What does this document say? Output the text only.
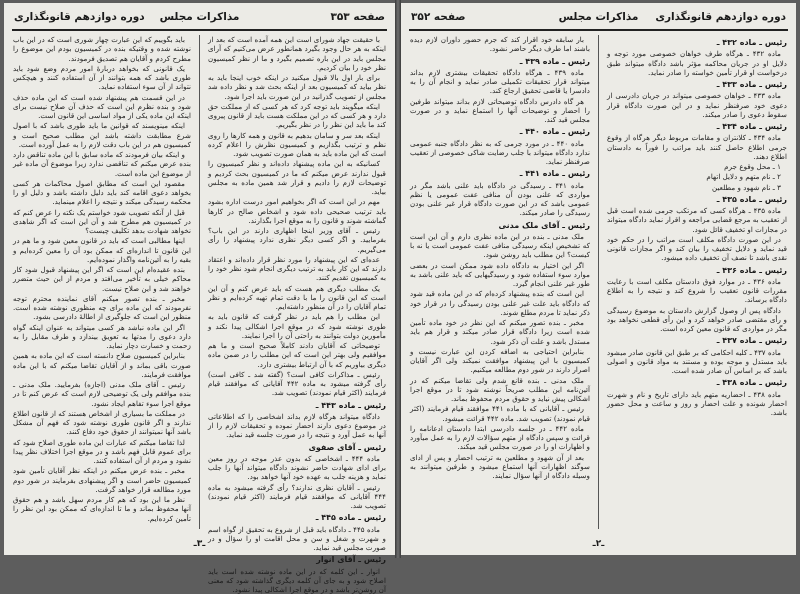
صفحه ۳۵۳
مذاکرات مجلس
دوره دوازدهم قانونگذاری

با حقیقت جهاد شورای است این همه آمده است که بعد از اینکه به هر حال وجود بگیرد همانطور عرض می‌کنیم که آرای مجلس باید در این باره تصمیم بگیرد و ما از نظر کمیسیون نظر خود را بیان کردیم.

برای بار اول بالا قبول میکنید در اینکه خوب اینجا باید به نظر بیاید که کمیسیون بعد از اینکه بحث شد و نظر داده شد مجلس از تصویب گذرانید در این صورت باید اجرا شود.

اینکه میگویند باید توجه کرد که هر کسی که از مملکت حق دارد و هر کسی که در این مملکت هست باید از قانون پیروی کند ما باید این نظر را در نظر بگیریم.

اینکه بعد سر و سامان بدهیم به قانون و همه کارها را روی نظم و ترتیب بگذاریم و کمیسیون نظرش را اعلام کرده است که این ماده باید به همان صورت تصویب شود.

کسانیکه به این ماده پیشنهاد داده‌اند و نظر کمیسیون را قبول ندارند عرض میکنم که ما در کمیسیون بحث کردیم و توضیحات لازم را دادیم و قرار شد همین ماده به مجلس بیاید.

مهم در این است که اگر بخواهیم امور درست اداره بشود باید ترتیب صحیحی داده شود و اشخاص صالح در کارها گماشته شوند و قانون را به موقع اجرا بگذارند.

رئیس ـ آقای وزیر اینجا اظهاری دارند در این باب؟ بفرمایید. و اگر کسی دیگر نظری ندارد پیشنهاد را رأی می‌گیریم.

عده‌ای که این پیشنهاد را مورد نظر قرار داده‌اند و اعتقاد دارند که این کار باید به ترتیب دیگری انجام شود نظر خود را به کمیسیون تقدیم کنند.

یک مطلب دیگری هم هست که باید عرض کنم و آن این است که این قانون را ما با دقت تمام تهیه کرده‌ایم و نظر تمام آقایان را در آن منظور داشته‌ایم.

این مطلب را هم باید در نظر گرفت که قانون باید به طوری نوشته شود که در موقع اجرا اشکالی پیدا نکند و مأمورین دولت بتوانند به راحتی آن را اجرا نمایند.

توضیحاتی که آقایان دادند کاملاً صحیح است و ما هم موافقیم ولی بهتر این است که این مطلب را در ضمن ماده دیگری بیاوریم که با آن ارتباط بیشتری دارد.

رئیس ـ مذاکرات کافی است؟ (گفته شد ـ کافی است) رأی گرفته میشود به ماده ۴۴۲ آقایانی که موافقند قیام فرمایند (اکثر قیام نمودند) تصویب شد.

رئیس ـ ماده ۴۴۳ ـ

دادگاه میتواند هرگاه لازم بداند اشخاصی را که اطلاعاتی در موضوع دعوی دارند احضار نموده و تحقیقات لازم را از آنها به عمل آورد و نتیجه را در صورت جلسه قید نماید.

رئیس ـ آقای صفوی

ماده ۴۴۴ ـ اشخاصی که بدون عذر موجه در روز معین برای ادای شهادت حاضر نشوند دادگاه میتواند آنها را جلب نماید و هزینه جلب به عهده خود آنها خواهد بود.

رئیس ـ آقایان نظری ندارند؟ رأی گرفته میشود به ماده ۴۴۴ آقایانی که موافقند قیام فرمایند (اکثر قیام نمودند) تصویب شد.

رئیس ـ ماده ۴۴۵ ـ

ماده ۴۴۵ ـ دادگاه باید قبل از شروع به تحقیق از گواه اسم و شهرت و شغل و سن و محل اقامت او را سؤال و در صورت مجلس قید نماید.

رئیس ـ آقای انوار

انوار ـ این کلمه که در این ماده نوشته شده است باید اصلاح شود و به جای آن کلمه دیگری گذاشته شود که معنی آن روشن‌تر باشد و در موقع اجرا اشکالی پیدا نشود.

باید بگوییم که این عبارت چهار شوری است که در این باب نوشته شده و وقتیکه بنده در کمیسیون بودم این موضوع را مطرح کردم و آقایان هم تصدیق فرمودند.

یک قانونی که بخواهد دربارهٔ امور مردم وضع شود باید طوری باشد که همه بتوانند از آن استفاده کنند و هیچکس نتواند از آن سوء استفاده نماید.

در این قسمت هم پیشنهاد شده است که این ماده حذف شود و بنده نظرم این است که حذف آن صلاح نیست برای اینکه این ماده یکی از مواد اساسی این قانون است.

اینکه مینویسند که قوانین ما باید طوری باشد که با اصول شرع مطابقت داشته باشد این مطلب صحیح است و کمیسیون هم در این باب دقت لازم را به عمل آورده است.

و اینکه بیان فرمودند که ماده سابق با این ماده تناقض دارد بنده عرض میکنم که تناقضی ندارد زیرا موضوع آن ماده غیر از موضوع این ماده است.

مقصود این است که مطابق اصول محاکمات هر کسی بخواهد دعوی اقامه کند باید دلیل داشته باشد و دلیل او را محکمه رسیدگی میکند و نتیجه را اعلام مینماید.

قبل از آنکه تصویب شود خواستم یک نکته را عرض کنم که در کمیسیون هم مطرح شد و آن این است که اگر شاهدی نخواهد شهادت بدهد تکلیف چیست؟

اینها مطالبی است که باید در قانون معین شود و ما هم در این قانون تا اندازه‌ای که ممکن بود آن را معین کرده‌ایم و بقیه را به آئین‌نامه واگذار نموده‌ایم.

بنده عقیده‌ام این است که اگر این پیشنهاد قبول شود کار محاکم خیلی به تأخیر می‌افتد و مردم از این حیث متضرر خواهند شد و این صلاح نیست.

مخبر ـ بنده تصور میکنم آقای نماینده محترم توجه نفرمودند که این ماده برای چه منظوری نوشته شده است. منظور این است که جلوگیری از اطالهٔ دادرسی بشود.

اگر این ماده نباشد هر کسی میتواند به عنوان اینکه گواه دارد دعوی را مدتها به تعویق بیندازد و طرف مقابل را به زحمت و خسارت دچار نماید.

بنابراین کمیسیون صلاح دانسته است که این ماده به همین صورت باقی بماند و از آقایان تقاضا میکنم که با این ماده موافقت فرمایند.

رئیس ـ آقای ملک مدنی (اجازه) بفرمایید. ملک مدنی ـ بنده موافقم ولی یک توضیحی لازم است که عرض کنم تا در موقع اجرا سوء تفاهم ایجاد نشود.

در مملکت ما بسیاری از اشخاص هستند که از قانون اطلاع ندارند و اگر قانون طوری نوشته شود که فهم آن مشکل باشد آنها نمیتوانند از حقوق خود دفاع کنند.

لذا تقاضا میکنم که عبارات این ماده طوری اصلاح شود که برای عموم قابل فهم باشد و در موقع اجرا اختلاف نظر پیدا نشود و مردم از آن استفاده کنند.

مخبر ـ بنده عرض میکنم در اینکه نظر آقایان تأمین شود کمیسیون حاضر است و اگر پیشنهادی بفرمایند در شور دوم مورد مطالعه قرار خواهد گرفت.

نظر ما این بود که هم کار مردم سهل باشد و هم حقوق آنها محفوظ بماند و ما تا اندازه‌ای که ممکن بود این نظر را تأمین کرده‌ایم.

ـ۳ـ
دوره دوازدهم قانونگذاری
مذاکرات مجلس
صفحه ۳۵۲

رئیس ـ ماده ۴۳۲ ـ

ماده ۴۳۲ ـ هرگاه طرف خواهان خصوصی مورد توجه و دلایل او در جریان محاکمه مؤثر باشد دادگاه میتواند طبق درخواست او قرار تأمین خواسته را صادر نماید.

رئیس ـ ماده ۴۳۳ ـ

ماده ۴۳۳ ـ خواهان خصوصی میتواند در جریان دادرسی از دعوی خود صرفنظر نماید و در این صورت دادگاه قرار سقوط دعوی را صادر میکند.

رئیس ـ ماده ۴۳۴ ـ

ماده ۴۳۴ ـ کلانتران و مقامات مربوط دیگر هرگاه از وقوع جرمی اطلاع حاصل کنند باید مراتب را فوراً به دادستان اطلاع دهند.

۱ ـ محل وقوع جرم

۲ ـ نام متهم و دلایل اتهام

۳ ـ نام شهود و مطلعین

رئیس ـ ماده ۴۳۵ ـ

ماده ۴۳۵ ـ هرگاه کسی که مرتکب جرمی شده است قبل از تعقیب به مرجع قضایی مراجعه و اقرار نماید دادگاه میتواند در مجازات او تخفیف قائل شود.

در این صورت دادگاه مکلف است مراتب را در حکم خود قید نماید و دلایل تخفیف را بیان کند و اگر مجازات قانونی نقدی باشد تا نصف آن تخفیف داده میشود.

رئیس ـ ماده ۴۳۶ ـ

ماده ۴۳۶ ـ در موارد فوق دادستان مکلف است با رعایت مقررات قانون تعقیب را شروع کند و نتیجه را به اطلاع دادگاه برساند.

دادگاه پس از وصول گزارش دادستان به موضوع رسیدگی و رأی مقتضی صادر خواهد کرد و این رأی قطعی نخواهد بود مگر در مواردی که قانون معین کرده است.

رئیس ـ ماده ۴۳۷ ـ

ماده ۴۳۷ ـ کلیه احکامی که بر طبق این قانون صادر میشود باید مستدل و موجه بوده و مستند به مواد قانون و اصولی باشد که بر اساس آن صادر شده است.

رئیس ـ ماده ۴۳۸ ـ

ماده ۴۳۸ ـ احضاریه متهم باید دارای تاریخ و نام و شهرت احضار شونده و علت احضار و روز و ساعت و محل حضور باشد.

بار سابقه خود اقرار کند که جرم حضور داوران لازم دیده باشند اما طرف دیگر حاضر نشود.

رئیس ـ ماده ۴۳۹ ـ

ماده ۴۳۹ ـ هرگاه دادگاه تحقیقات بیشتری لازم بداند میتواند قرار تحقیقات تکمیلی صادر نماید و انجام آن را به دادسرا یا قاضی تحقیق ارجاع کند.

هر گاه دادرس دادگاه توضیحاتی لازم بداند میتواند طرفین را احضار و توضیحات آنها را استماع نماید و در صورت مجلس قید کند.

رئیس ـ ماده ۴۴۰ ـ

ماده ۴۴۰ ـ در مورد جرمی که به نظر دادگاه جنبه عمومی ندارد دادگاه میتواند با جلب رضایت شاکی خصوصی از تعقیب صرفنظر نماید.

رئیس ـ ماده ۴۴۱ ـ

ماده ۴۴۱ ـ رسیدگی در دادگاه باید علنی باشد مگر در مواردی که علنی بودن آن منافی عفت عمومی یا نظم عمومی باشد که در این صورت دادگاه قرار غیر علنی بودن رسیدگی را صادر میکند.

رئیس ـ آقای ملک مدنی

ملک مدنی ـ بنده در این ماده نظری دارم و آن این است که تشخیص اینکه رسیدگی منافی عفت عمومی است یا نه با کیست؟ این مطلب باید روشن شود.

اگر این اختیار به دادگاه داده شود ممکن است در بعضی موارد سوء استفاده شود و رسیدگیهایی که باید علنی باشد به طور غیر علنی انجام گیرد.

این است که بنده پیشنهاد کرده‌ام که در این ماده قید شود که دادگاه باید علت غیر علنی بودن رسیدگی را در قرار خود ذکر نماید تا مردم مطلع شوند.

مخبر ـ بنده تصور میکنم که این نظر در خود ماده تأمین شده است زیرا دادگاه قرار صادر میکند و قرار هم باید مستدل باشد و علت آن ذکر شود.

بنابراین احتیاجی به اضافه کردن این عبارت نیست و کمیسیون با این پیشنهاد موافقت نمیکند ولی اگر آقایان اصرار دارند در شور دوم مطالعه میکنیم.

ملک مدنی ـ بنده قانع شدم ولی تقاضا میکنم که در آئین‌نامه این مطلب صریحاً نوشته شود تا در موقع اجرا اشکالی پیش نیاید و حقوق مردم محفوظ بماند.

رئیس ـ آقایانی که با ماده ۴۴۱ موافقند قیام فرمایند (اکثر قیام نمودند) تصویب شد. ماده ۴۴۲ قرائت میشود.

ماده ۴۴۲ ـ در جلسه دادرسی ابتدا دادستان ادعانامه را قرائت و سپس دادگاه از متهم سؤالات لازم را به عمل میآورد و اظهارات او را در صورت مجلس قید میکند.

بعد از آن شهود و مطلعین به ترتیب احضار و پس از ادای سوگند اظهارات آنها استماع میشود و طرفین میتوانند به وسیله دادگاه از آنها سؤال نمایند.

ـ۲ـ
